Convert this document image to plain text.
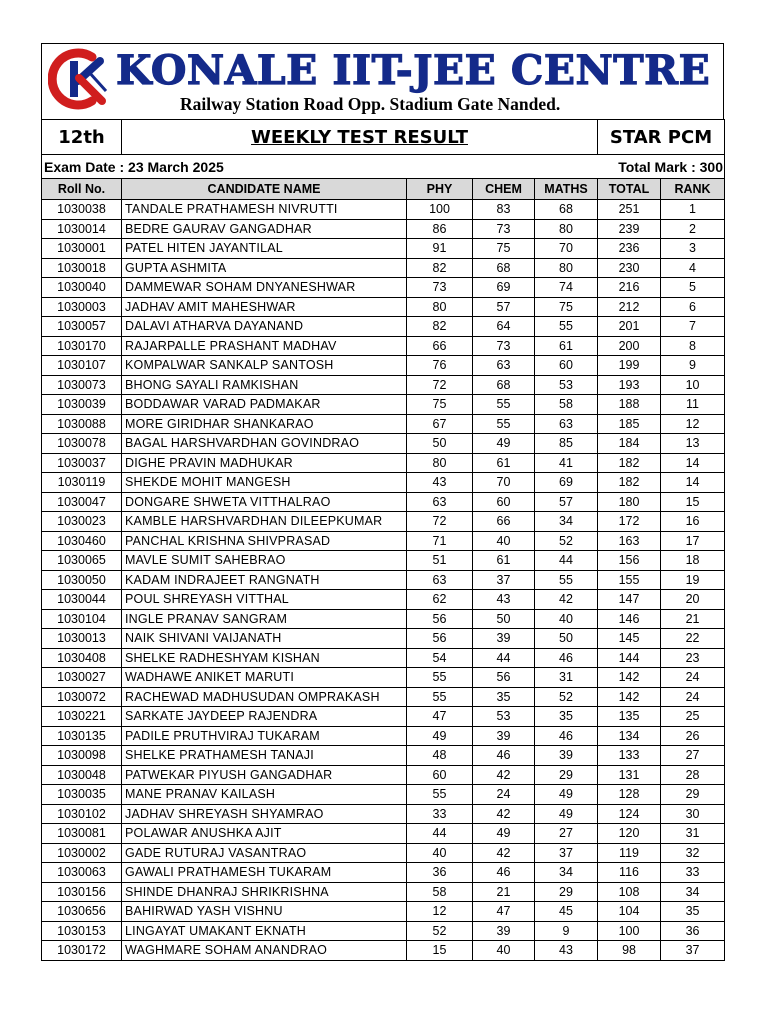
KONALE IIT-JEE CENTRE
Railway Station Road Opp. Stadium Gate Nanded.
12th	WEEKLY TEST RESULT				STAR PCM	
Exam Date : 23 March 2025				Total Mark : 300		
Roll No.	CANDIDATE NAME	PHY	CHEM	MATHS	TOTAL	RANK
1030038	TANDALE PRATHAMESH NIVRUTTI	100	83	68	251	1
1030014	BEDRE GAURAV GANGADHAR	86	73	80	239	2
1030001	PATEL HITEN JAYANTILAL	91	75	70	236	3
1030018	GUPTA ASHMITA	82	68	80	230	4
1030040	DAMMEWAR SOHAM DNYANESHWAR	73	69	74	216	5
1030003	JADHAV AMIT MAHESHWAR	80	57	75	212	6
1030057	DALAVI ATHARVA DAYANAND	82	64	55	201	7
1030170	RAJARPALLE PRASHANT MADHAV	66	73	61	200	8
1030107	KOMPALWAR SANKALP SANTOSH	76	63	60	199	9
1030073	BHONG SAYALI RAMKISHAN	72	68	53	193	10
1030039	BODDAWAR VARAD PADMAKAR	75	55	58	188	11
1030088	MORE GIRIDHAR SHANKARAO	67	55	63	185	12
1030078	BAGAL HARSHVARDHAN GOVINDRAO	50	49	85	184	13
1030037	DIGHE PRAVIN MADHUKAR	80	61	41	182	14
1030119	SHEKDE MOHIT MANGESH	43	70	69	182	14
1030047	DONGARE SHWETA VITTHALRAO	63	60	57	180	15
1030023	KAMBLE HARSHVARDHAN DILEEPKUMAR	72	66	34	172	16
1030460	PANCHAL KRISHNA SHIVPRASAD	71	40	52	163	17
1030065	MAVLE SUMIT SAHEBRAO	51	61	44	156	18
1030050	KADAM INDRAJEET RANGNATH	63	37	55	155	19
1030044	POUL SHREYASH VITTHAL	62	43	42	147	20
1030104	INGLE PRANAV SANGRAM	56	50	40	146	21
1030013	NAIK SHIVANI VAIJANATH	56	39	50	145	22
1030408	SHELKE RADHESHYAM KISHAN	54	44	46	144	23
1030027	WADHAWE ANIKET MARUTI	55	56	31	142	24
1030072	RACHEWAD MADHUSUDAN OMPRAKASH	55	35	52	142	24
1030221	SARKATE JAYDEEP RAJENDRA	47	53	35	135	25
1030135	PADILE PRUTHVIRAJ TUKARAM	49	39	46	134	26
1030098	SHELKE PRATHAMESH TANAJI	48	46	39	133	27
1030048	PATWEKAR PIYUSH GANGADHAR	60	42	29	131	28
1030035	MANE PRANAV KAILASH	55	24	49	128	29
1030102	JADHAV SHREYASH SHYAMRAO	33	42	49	124	30
1030081	POLAWAR ANUSHKA AJIT	44	49	27	120	31
1030002	GADE RUTURAJ VASANTRAO	40	42	37	119	32
1030063	GAWALI PRATHAMESH TUKARAM	36	46	34	116	33
1030156	SHINDE DHANRAJ SHRIKRISHNA	58	21	29	108	34
1030656	BAHIRWAD YASH VISHNU	12	47	45	104	35
1030153	LINGAYAT UMAKANT EKNATH	52	39	9	100	36
1030172	WAGHMARE SOHAM ANANDRAO	15	40	43	98	37
